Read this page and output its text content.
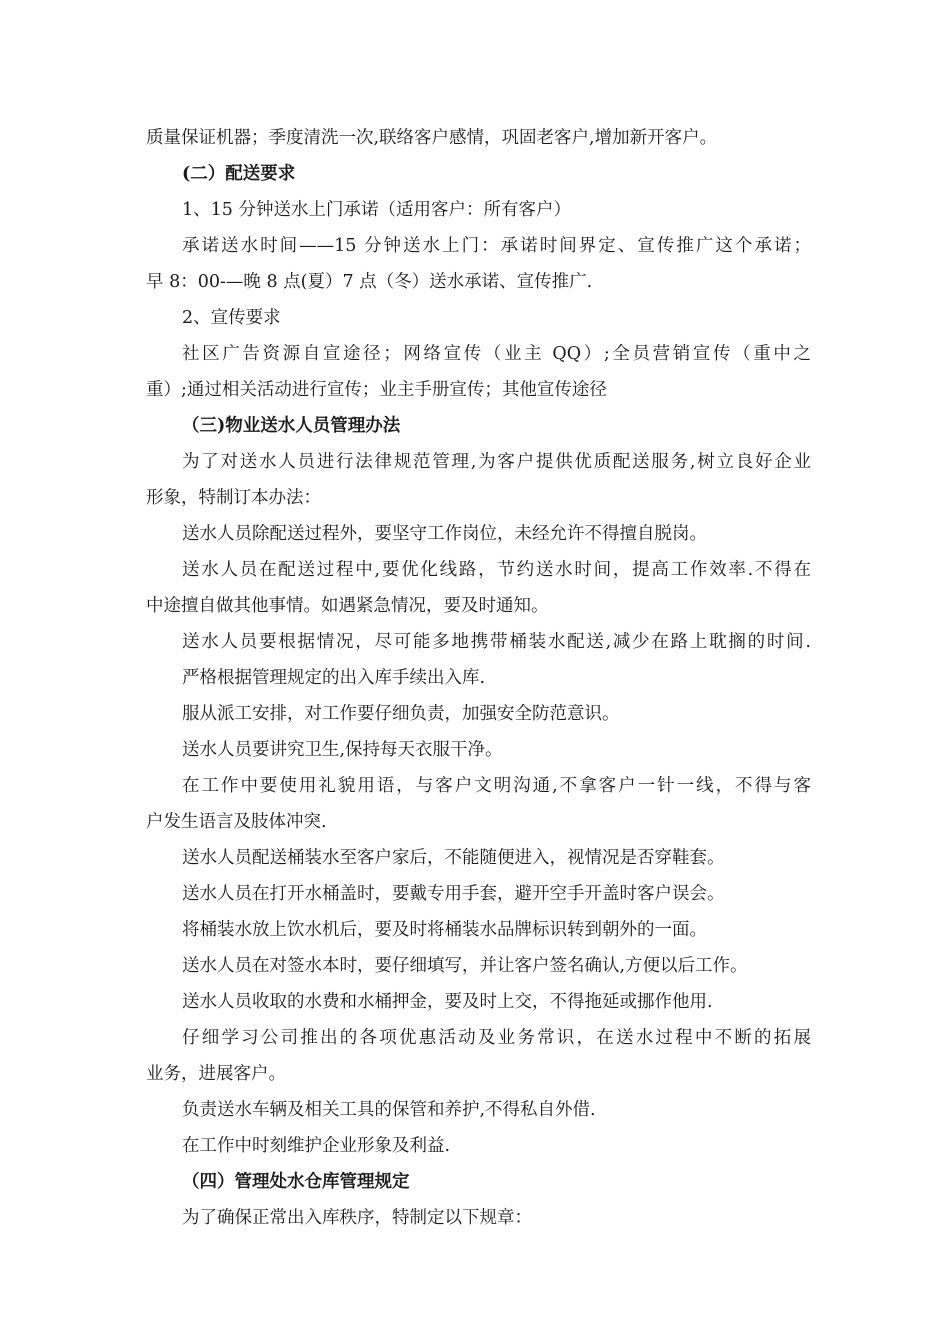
质量保证机器；季度清洗一次,联络客户感情，巩固老客户,增加新开客户。
(二）配送要求
1、15 分钟送水上门承诺（适用客户：所有客户）
承诺送水时间——15 分钟送水上门：承诺时间界定、宣传推广这个承诺；
早 8：00-—晚 8 点(夏）7 点（冬）送水承诺、宣传推广.
2、宣传要求
社区广告资源自宣途径；网络宣传（业主 QQ）;全员营销宣传（重中之
重）;通过相关活动进行宣传；业主手册宣传；其他宣传途径
（三)物业送水人员管理办法
为了对送水人员进行法律规范管理,为客户提供优质配送服务,树立良好企业
形象，特制订本办法：
送水人员除配送过程外，要坚守工作岗位，未经允许不得擅自脱岗。
送水人员在配送过程中,要优化线路，节约送水时间，提高工作效率.不得在
中途擅自做其他事情。如遇紧急情况，要及时通知。
送水人员要根据情况，尽可能多地携带桶装水配送,减少在路上耽搁的时间.
严格根据管理规定的出入库手续出入库.
服从派工安排，对工作要仔细负责，加强安全防范意识。
送水人员要讲究卫生,保持每天衣服干净。
在工作中要使用礼貌用语，与客户文明沟通,不拿客户一针一线，不得与客
户发生语言及肢体冲突.
送水人员配送桶装水至客户家后，不能随便进入，视情况是否穿鞋套。
送水人员在打开水桶盖时，要戴专用手套，避开空手开盖时客户误会。
将桶装水放上饮水机后，要及时将桶装水品牌标识转到朝外的一面。
送水人员在对签水本时，要仔细填写，并让客户签名确认,方便以后工作。
送水人员收取的水费和水桶押金，要及时上交，不得拖延或挪作他用.
仔细学习公司推出的各项优惠活动及业务常识，在送水过程中不断的拓展
业务，进展客户。
负责送水车辆及相关工具的保管和养护,不得私自外借.
在工作中时刻维护企业形象及利益.
（四）管理处水仓库管理规定
为了确保正常出入库秩序，特制定以下规章：
